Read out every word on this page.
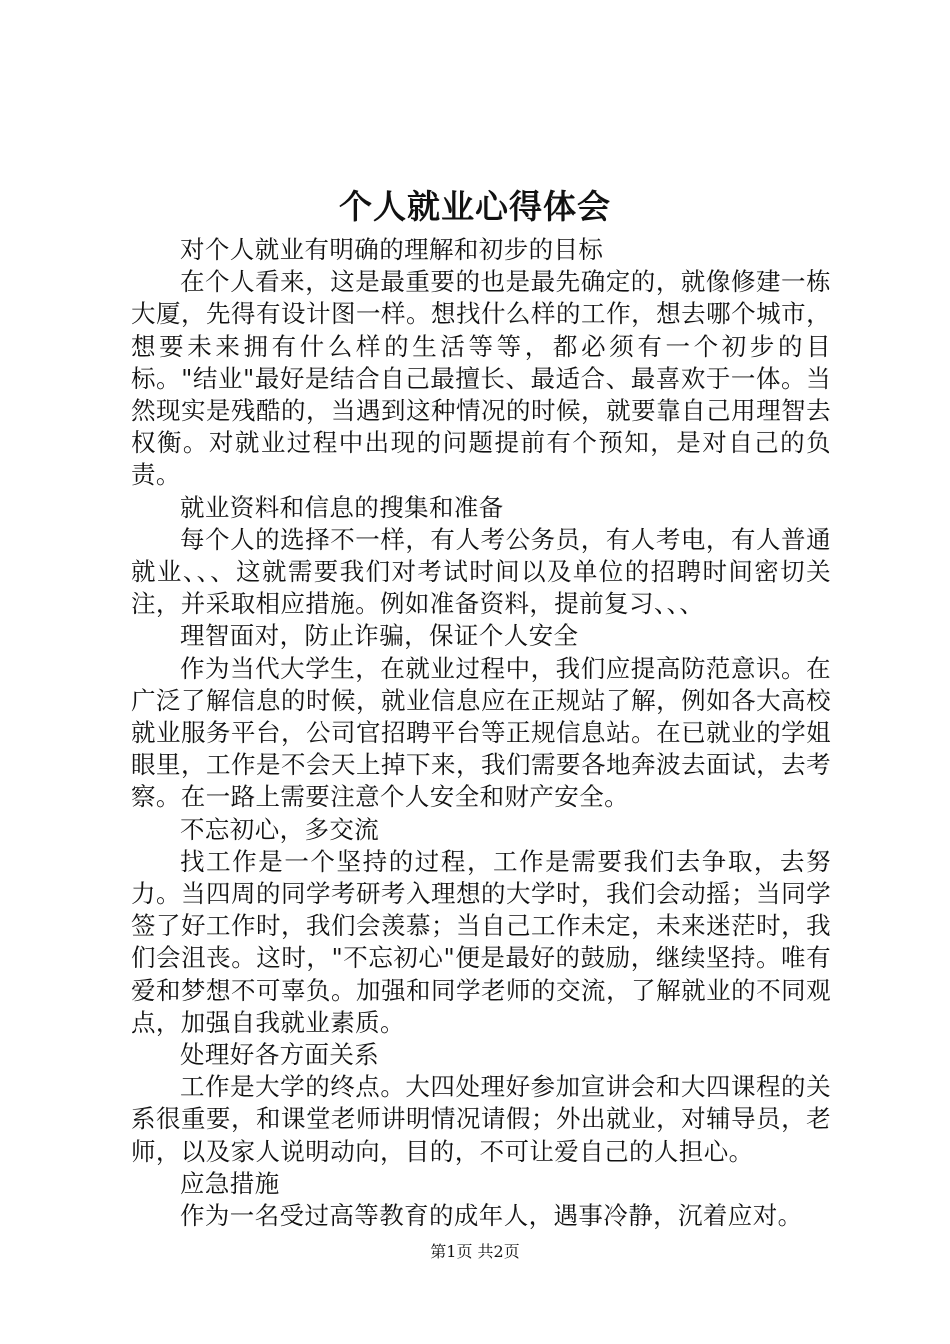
个人就业心得体会

对个人就业有明确的理解和初步的目标

在个人看来，这是最重要的也是最先确定的，就像修建一栋大厦，先得有设计图一样。想找什么样的工作，想去哪个城市，想要未来拥有什么样的生活等等，都必须有一个初步的目标。"结业"最好是结合自己最擅长、最适合、最喜欢于一体。当然现实是残酷的，当遇到这种情况的时候，就要靠自己用理智去权衡。对就业过程中出现的问题提前有个预知，是对自己的负责。

就业资料和信息的搜集和准备

每个人的选择不一样，有人考公务员，有人考电，有人普通就业、、、这就需要我们对考试时间以及单位的招聘时间密切关注，并采取相应措施。例如准备资料，提前复习、、、

理智面对，防止诈骗，保证个人安全

作为当代大学生，在就业过程中，我们应提高防范意识。在广泛了解信息的时候，就业信息应在正规站了解，例如各大高校就业服务平台，公司官招聘平台等正规信息站。在已就业的学姐眼里，工作是不会天上掉下来，我们需要各地奔波去面试，去考察。在一路上需要注意个人安全和财产安全。

不忘初心，多交流

找工作是一个坚持的过程，工作是需要我们去争取，去努力。当四周的同学考研考入理想的大学时，我们会动摇；当同学签了好工作时，我们会羡慕；当自己工作未定，未来迷茫时，我们会沮丧。这时，"不忘初心"便是最好的鼓励，继续坚持。唯有爱和梦想不可辜负。加强和同学老师的交流，了解就业的不同观点，加强自我就业素质。

处理好各方面关系

工作是大学的终点。大四处理好参加宣讲会和大四课程的关系很重要，和课堂老师讲明情况请假；外出就业，对辅导员，老师，以及家人说明动向，目的，不可让爱自己的人担心。

应急措施

作为一名受过高等教育的成年人，遇事冷静，沉着应对。

第1页 共2页
